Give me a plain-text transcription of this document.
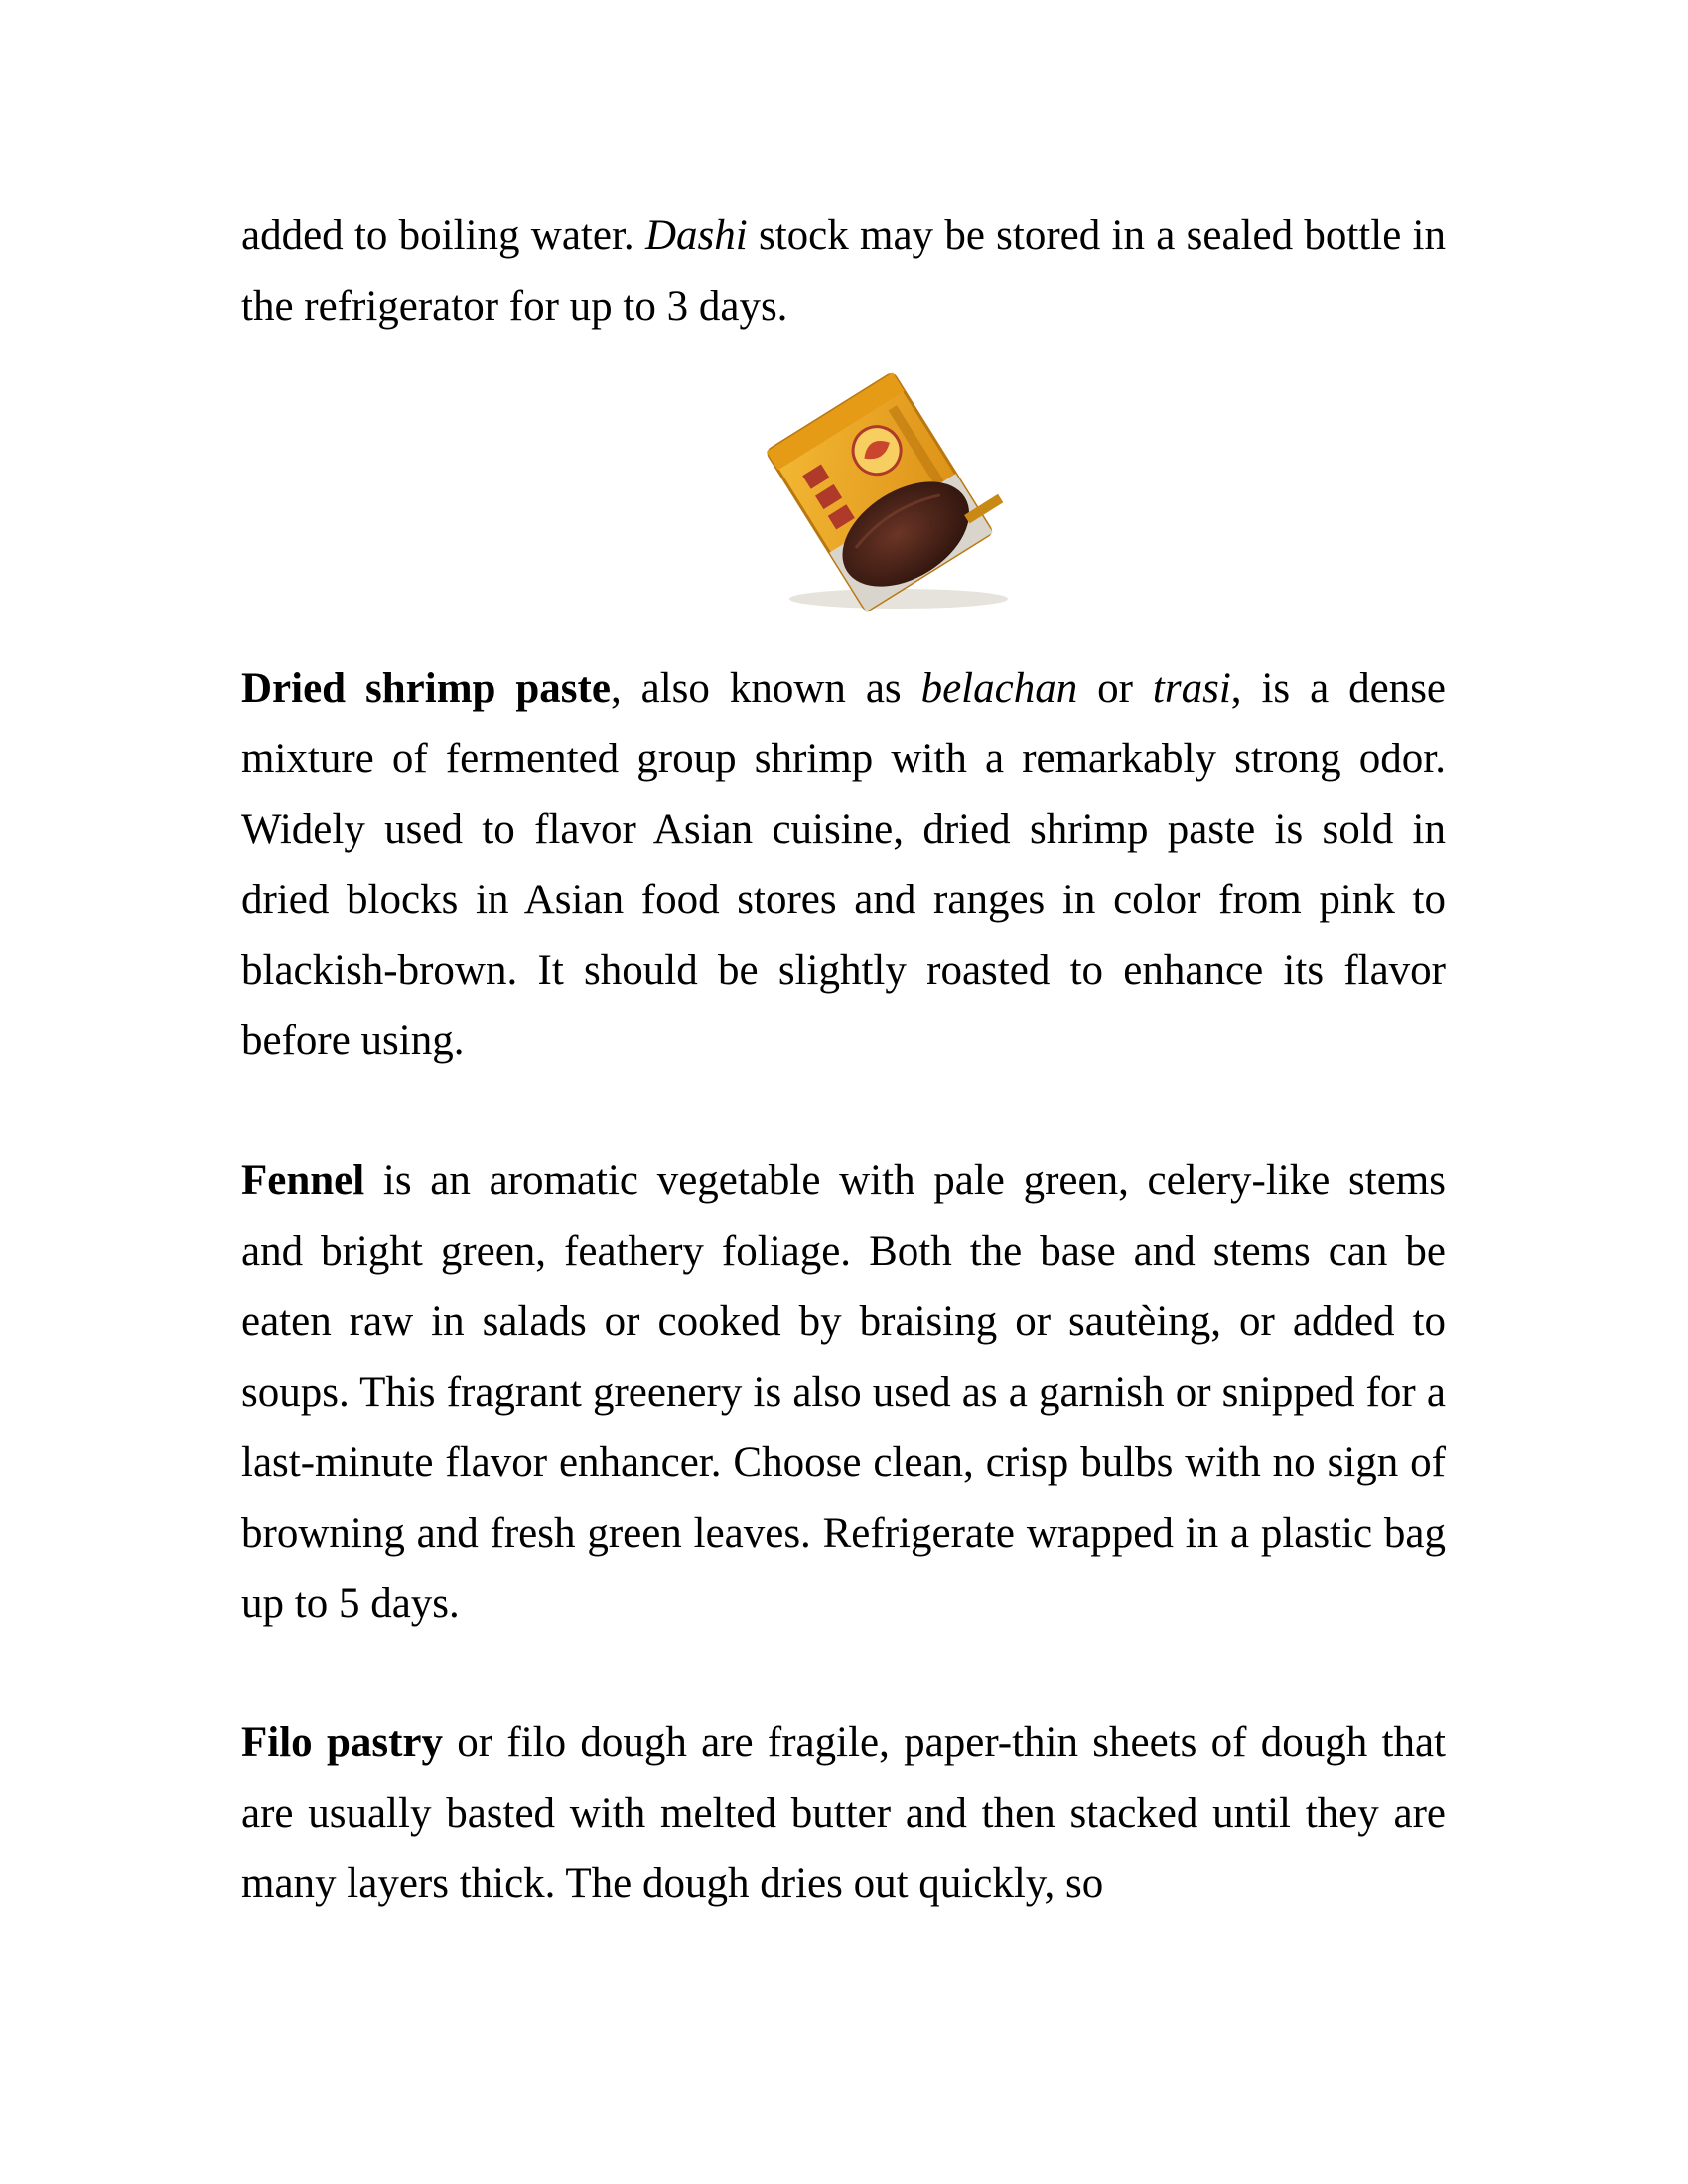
added to boiling water. Dashi stock may be stored in a sealed bottle in the refrigerator for up to 3 days.

Dried shrimp paste, also known as belachan or trasi, is a dense mixture of fermented group shrimp with a remarkably strong odor. Widely used to flavor Asian cuisine, dried shrimp paste is sold in dried blocks in Asian food stores and ranges in color from pink to blackish-brown. It should be slightly roasted to enhance its flavor before using.

Fennel is an aromatic vegetable with pale green, celery-like stems and bright green, feathery foliage. Both the base and stems can be eaten raw in salads or cooked by braising or sautèing, or added to soups. This fragrant greenery is also used as a garnish or snipped for a last-minute flavor enhancer. Choose clean, crisp bulbs with no sign of browning and fresh green leaves. Refrigerate wrapped in a plastic bag up to 5 days.

Filo pastry or filo dough are fragile, paper-thin sheets of dough that are usually basted with melted butter and then stacked until they are many layers thick. The dough dries out quickly, so
